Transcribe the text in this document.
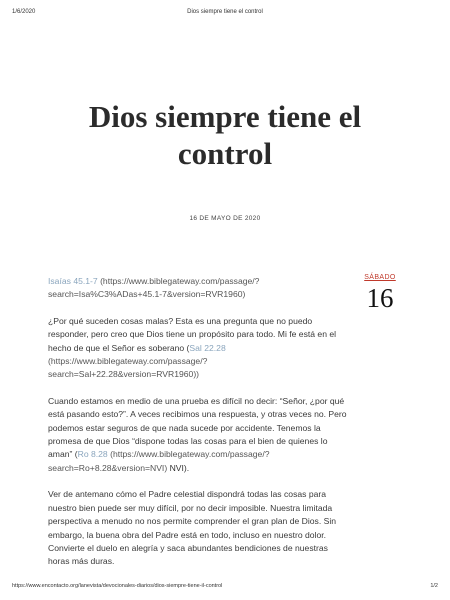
1/6/2020	Dios siempre tiene el control
Dios siempre tiene el control
16 DE MAYO DE 2020
SÁBADO
16

Isaías 45.1-7 (https://www.biblegateway.com/passage/?search=Isa%C3%ADas+45.1-7&version=RVR1960)

¿Por qué suceden cosas malas? Esta es una pregunta que no puedo responder, pero creo que Dios tiene un propósito para todo. Mi fe está en el hecho de que el Señor es soberano (Sal 22.28 (https://www.biblegateway.com/passage/?search=Sal+22.28&version=RVR1960))

Cuando estamos en medio de una prueba es difícil no decir: “Señor, ¿por qué está pasando esto?”. A veces recibimos una respuesta, y otras veces no. Pero podemos estar seguros de que nada sucede por accidente. Tenemos la promesa de que Dios “dispone todas las cosas para el bien de quienes lo aman” (Ro 8.28 (https://www.biblegateway.com/passage/?search=Ro+8.28&version=NVI) NVI).

Ver de antemano cómo el Padre celestial dispondrá todas las cosas para nuestro bien puede ser muy difícil, por no decir imposible. Nuestra limitada perspectiva a menudo no nos permite comprender el gran plan de Dios. Sin embargo, la buena obra del Padre está en todo, incluso en nuestro dolor. Convierte el duelo en alegría y saca abundantes bendiciones de nuestras horas más duras.

https://www.encontacto.org/lanevista/devocionales-diarios/dios-siempre-tiene-il-control	1/2
